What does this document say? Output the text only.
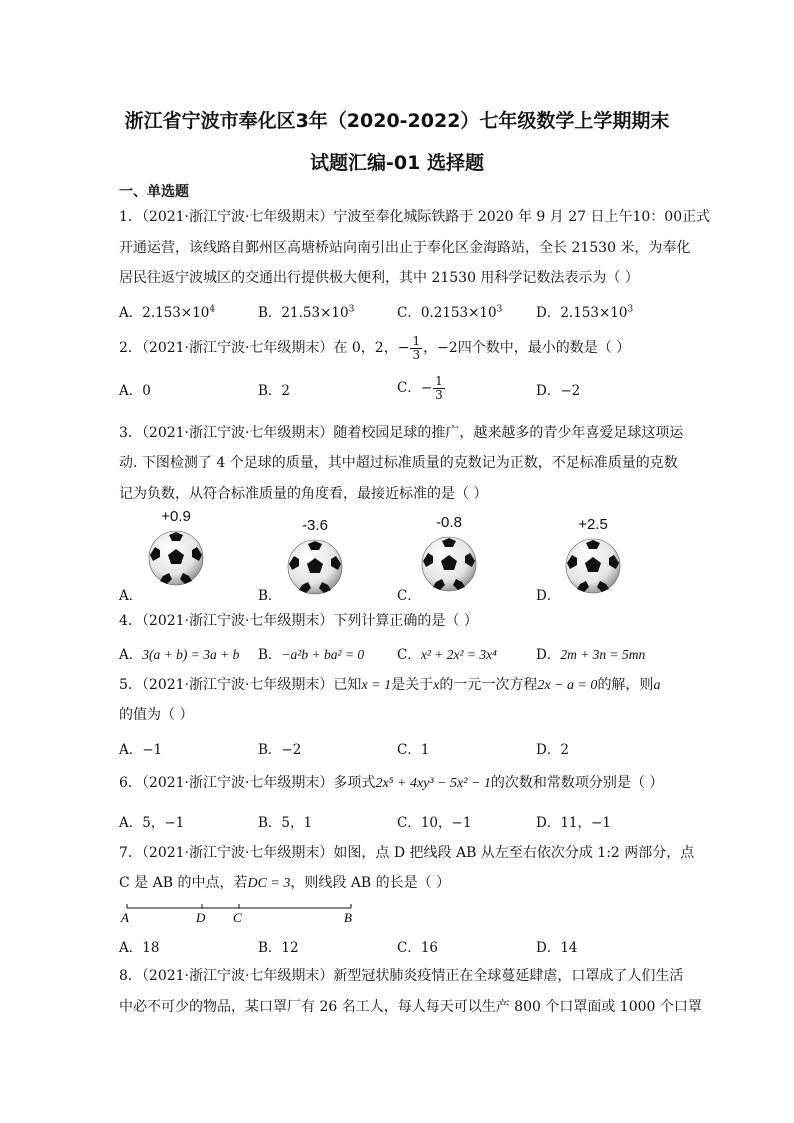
浙江省宁波市奉化区3年（2020-2022）七年级数学上学期期末
试题汇编-01 选择题
一、单选题
1．（2021·浙江宁波·七年级期末）宁波至奉化城际铁路于 2020 年 9 月 27 日上午10：00正式
开通运营，该线路自鄞州区高塘桥站向南引出止于奉化区金海路站，全长 21530 米，为奉化
居民往返宁波城区的交通出行提供极大便利，其中 21530 用科学记数法表示为（ ）
A．$2.153\times 10^4$	B．$21.53\times 10^3$	C．$0.2153\times 10^3$ D．$2.153\times 10^3$
2．（2021·浙江宁波·七年级期末）在 0，2，− $\frac{1}{3}$ ，−2四个数中，最小的数是（ ）
A．0	B．2	C．− $\frac{1}{3}$	D．−2
3．（2021·浙江宁波·七年级期末）随着校园足球的推广，越来越多的青少年喜爱足球这项运
动. 下图检测了 4 个足球的质量，其中超过标准质量的克数记为正数，不足标准质量的克数
记为负数，从符合标准质量的角度看，最接近标准的是（ ）
+0.9
-3.6	-0.8	+2.5
A．	B．	C．	D．
4．（2021·浙江宁波·七年级期末）下列计算正确的是（ ）
A．3(a + b) = 3a + b B．−a²b + ba² = 0 C．x² + 2x² = 3x⁴	D．2m + 3n = 5mn
5．（2021·浙江宁波·七年级期末）已知x = 1是关于x的一元一次方程2x − a = 0的解，则a
的值为（ ）
A．−1	B．−2	C．1	D．2
6．（2021·浙江宁波·七年级期末）多项式2x⁵ + 4xy³ − 5x² − 1的次数和常数项分别是（ ）
A．5，−1	B．5，1	C．10，−1	D．11，−1
7．（2021·浙江宁波·七年级期末）如图，点 D 把线段 AB 从左至右依次分成 1:2 两部分，点
C 是 AB 的中点，若DC = 3，则线段 AB 的长是（ ）
A	D C	B
A．18	B．12	C．16	D．14
8．（2021·浙江宁波·七年级期末）新型冠状肺炎疫情正在全球蔓延肆虐，口罩成了人们生活
中必不可少的物品，某口罩厂有 26 名工人，每人每天可以生产 800 个口罩面或 1000 个口罩
